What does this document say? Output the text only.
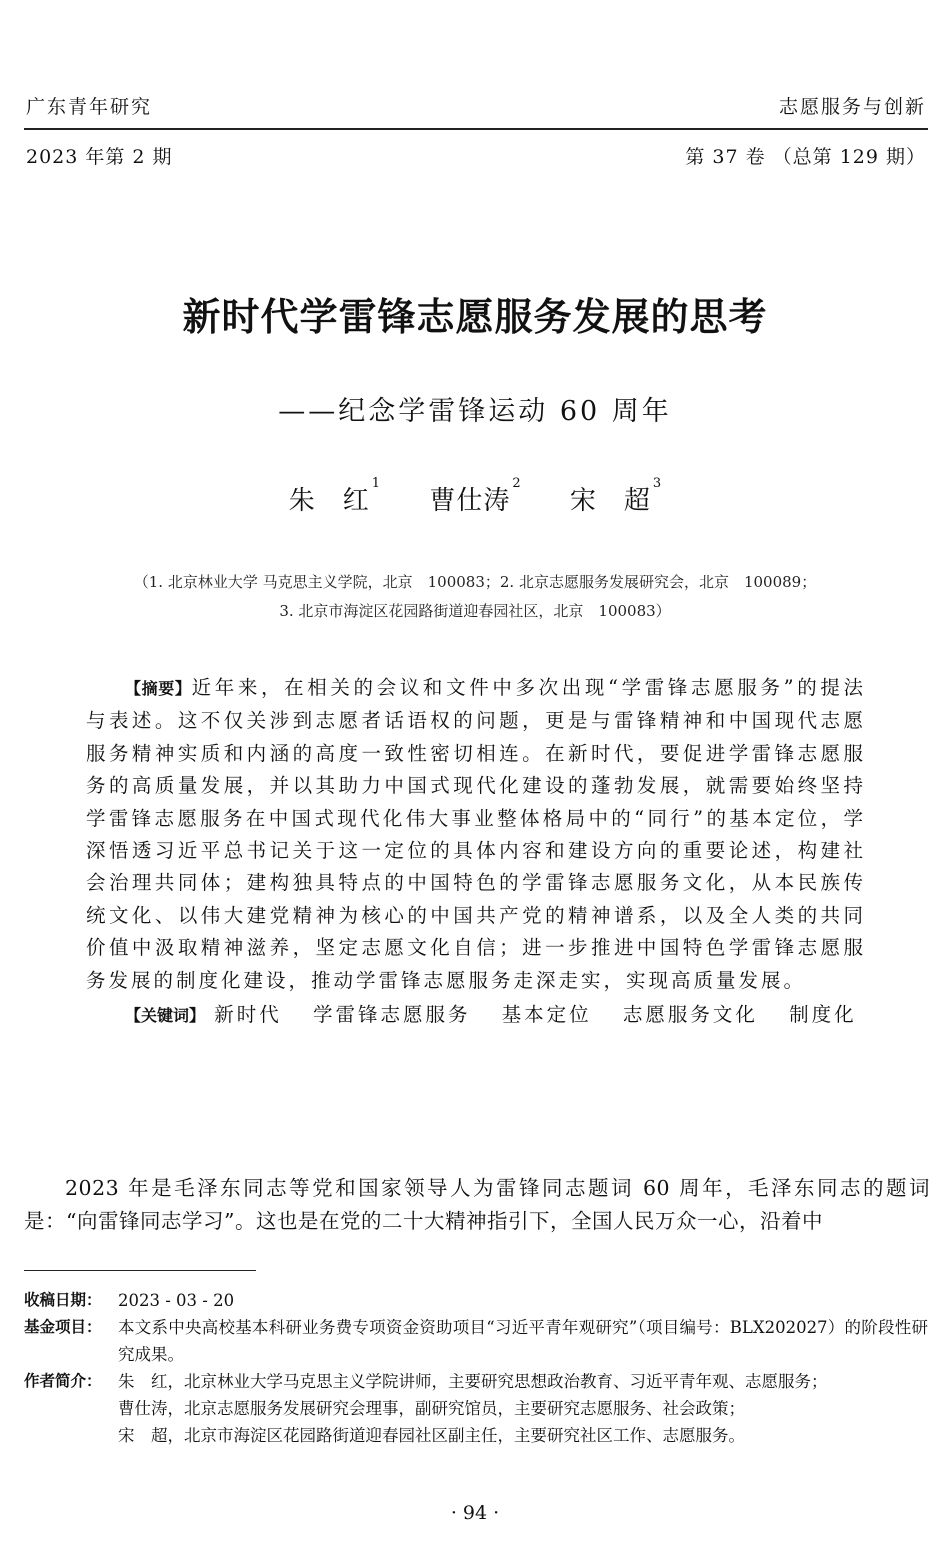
广东青年研究	志愿服务与创新
2023 年第 2 期	第 37 卷 （总第 129 期）
新时代学雷锋志愿服务发展的思考
——纪念学雷锋运动 60 周年
朱　红$^1$ 曹仕涛$^2$ 宋　超$^3$
（1. 北京林业大学 马克思主义学院，北京　100083；2. 北京志愿服务发展研究会，北京　100089；
3. 北京市海淀区花园路街道迎春园社区，北京　100083）

【摘要】近年来，在相关的会议和文件中多次出现“学雷锋志愿服务”的提法与表述。这不仅关涉到志愿者话语权的问题，更是与雷锋精神和中国现代志愿服务精神实质和内涵的高度一致性密切相连。在新时代，要促进学雷锋志愿服务的高质量发展，并以其助力中国式现代化建设的蓬勃发展，就需要始终坚持学雷锋志愿服务在中国式现代化伟大事业整体格局中的“同行”的基本定位，学深悟透习近平总书记关于这一定位的具体内容和建设方向的重要论述，构建社会治理共同体；建构独具特点的中国特色的学雷锋志愿服务文化，从本民族传统文化、以伟大建党精神为核心的中国共产党的精神谱系，以及全人类的共同价值中汲取精神滋养，坚定志愿文化自信；进一步推进中国特色学雷锋志愿服务发展的制度化建设，推动学雷锋志愿服务走深走实，实现高质量发展。

【关键词】 新时代 学雷锋志愿服务 基本定位 志愿服务文化 制度化

2023 年是毛泽东同志等党和国家领导人为雷锋同志题词 60 周年，毛泽东同志的题词是：“向雷锋同志学习”。这也是在党的二十大精神指引下，全国人民万众一心，沿着中

收稿日期： 2023 - 03 - 20
基金项目： 本文系中央高校基本科研业务费专项资金资助项目“习近平青年观研究”（项目编号：BLX202027）的阶段性研究成果。
作者简介： 朱　红，北京林业大学马克思主义学院讲师，主要研究思想政治教育、习近平青年观、志愿服务；
曹仕涛，北京志愿服务发展研究会理事，副研究馆员，主要研究志愿服务、社会政策；
宋　超，北京市海淀区花园路街道迎春园社区副主任，主要研究社区工作、志愿服务。
· 94 ·
